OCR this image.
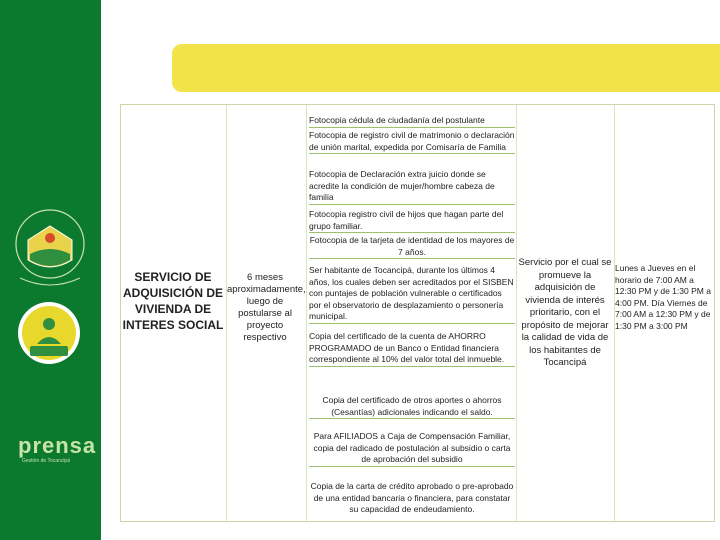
prensa
Gestión de Tocancipá
SERVICIO DE ADQUISICIÓN DE VIVIENDA DE INTERES SOCIAL
6 meses aproximadamente, luego de postularse al proyecto respectivo
Fotocopia cédula de ciudadanía del postulante
Fotocopia de registro civil de matrimonio o declaración de unión marital, expedida por Comisaría de Familia
Fotocopia de Declaración extra juicio donde se acredite la condición de mujer/hombre cabeza de familia
Fotocopia registro civil de hijos que hagan parte del grupo familiar.
Fotocopia de la tarjeta de identidad de los mayores de 7 años.
Ser habitante de Tocancipá, durante los últimos 4 años, los cuales deben ser acreditados por el SISBEN con puntajes de población vulnerable o certificados por el observatorio de desplazamiento o personería municipal.
Copia del certificado de la cuenta de AHORRO PROGRAMADO de un Banco o Entidad financiera correspondiente al 10% del valor total del inmueble.
Copia del certificado de otros aportes o ahorros (Cesantías) adicionales indicando el saldo.
Para AFILIADOS a Caja de Compensación Familiar, copia del radicado de postulación al subsidio o carta de aprobación del subsidio
Copia de la carta de crédito aprobado o pre-aprobado de una entidad bancaria o financiera, para constatar su capacidad de endeudamiento.
Servicio por el cual se promueve la adquisición de vivienda de interés prioritario, con el propósito de mejorar la calidad de vida de los habitantes de Tocancipá
Lunes a Jueves en el horario de 7:00 AM a 12:30 PM y de 1:30 PM a 4:00 PM. Día Viernes de 7:00 AM a 12:30 PM y de 1:30 PM a 3:00 PM
